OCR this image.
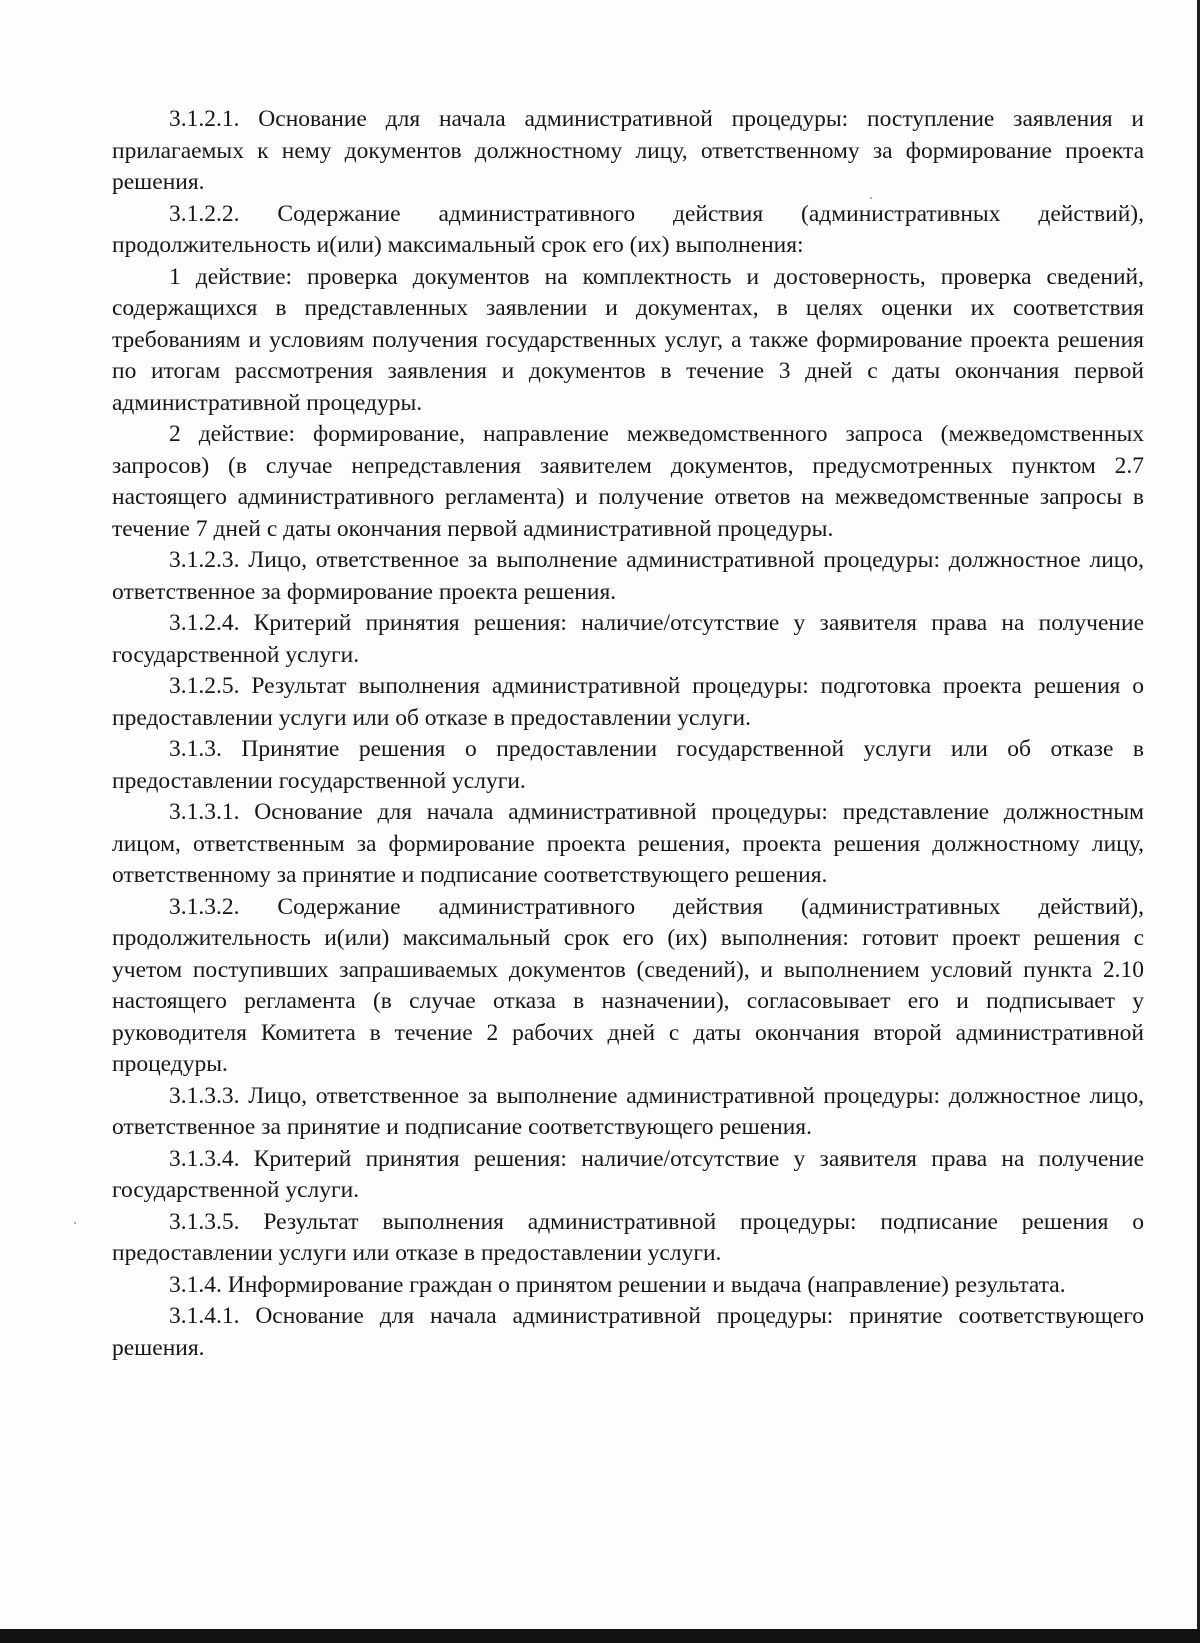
3.1.2.1. Основание для начала административной процедуры: поступление заявления и прилагаемых к нему документов должностному лицу, ответственному за формирование проекта решения.

3.1.2.2. Содержание административного действия (административных действий), продолжительность и(или) максимальный срок его (их) выполнения:

1 действие: проверка документов на комплектность и достоверность, проверка сведений, содержащихся в представленных заявлении и документах, в целях оценки их соответствия требованиям и условиям получения государственных услуг, а также формирование проекта решения по итогам рассмотрения заявления и документов в течение 3 дней с даты окончания первой административной процедуры.

2 действие: формирование, направление межведомственного запроса (межведомственных запросов) (в случае непредставления заявителем документов, предусмотренных пунктом 2.7 настоящего административного регламента) и получение ответов на межведомственные запросы в течение 7 дней с даты окончания первой административной процедуры.

3.1.2.3. Лицо, ответственное за выполнение административной процедуры: должностное лицо, ответственное за формирование проекта решения.

3.1.2.4. Критерий принятия решения: наличие/отсутствие у заявителя права на получение государственной услуги.

3.1.2.5. Результат выполнения административной процедуры: подготовка проекта решения о предоставлении услуги или об отказе в предоставлении услуги.

3.1.3. Принятие решения о предоставлении государственной услуги или об отказе в предоставлении государственной услуги.

3.1.3.1. Основание для начала административной процедуры: представление должностным лицом, ответственным за формирование проекта решения, проекта решения должностному лицу, ответственному за принятие и подписание соответствующего решения.

3.1.3.2. Содержание административного действия (административных действий), продолжительность и(или) максимальный срок его (их) выполнения: готовит проект решения с учетом поступивших запрашиваемых документов (сведений), и выполнением условий пункта 2.10 настоящего регламента (в случае отказа в назначении), согласовывает его и подписывает у руководителя Комитета в течение 2 рабочих дней с даты окончания второй административной процедуры.

3.1.3.3. Лицо, ответственное за выполнение административной процедуры: должностное лицо, ответственное за принятие и подписание соответствующего решения.

3.1.3.4. Критерий принятия решения: наличие/отсутствие у заявителя права на получение государственной услуги.

3.1.3.5. Результат выполнения административной процедуры: подписание решения о предоставлении услуги или отказе в предоставлении услуги.

3.1.4. Информирование граждан о принятом решении и выдача (направление) результата.

3.1.4.1. Основание для начала административной процедуры: принятие соответствующего решения.
